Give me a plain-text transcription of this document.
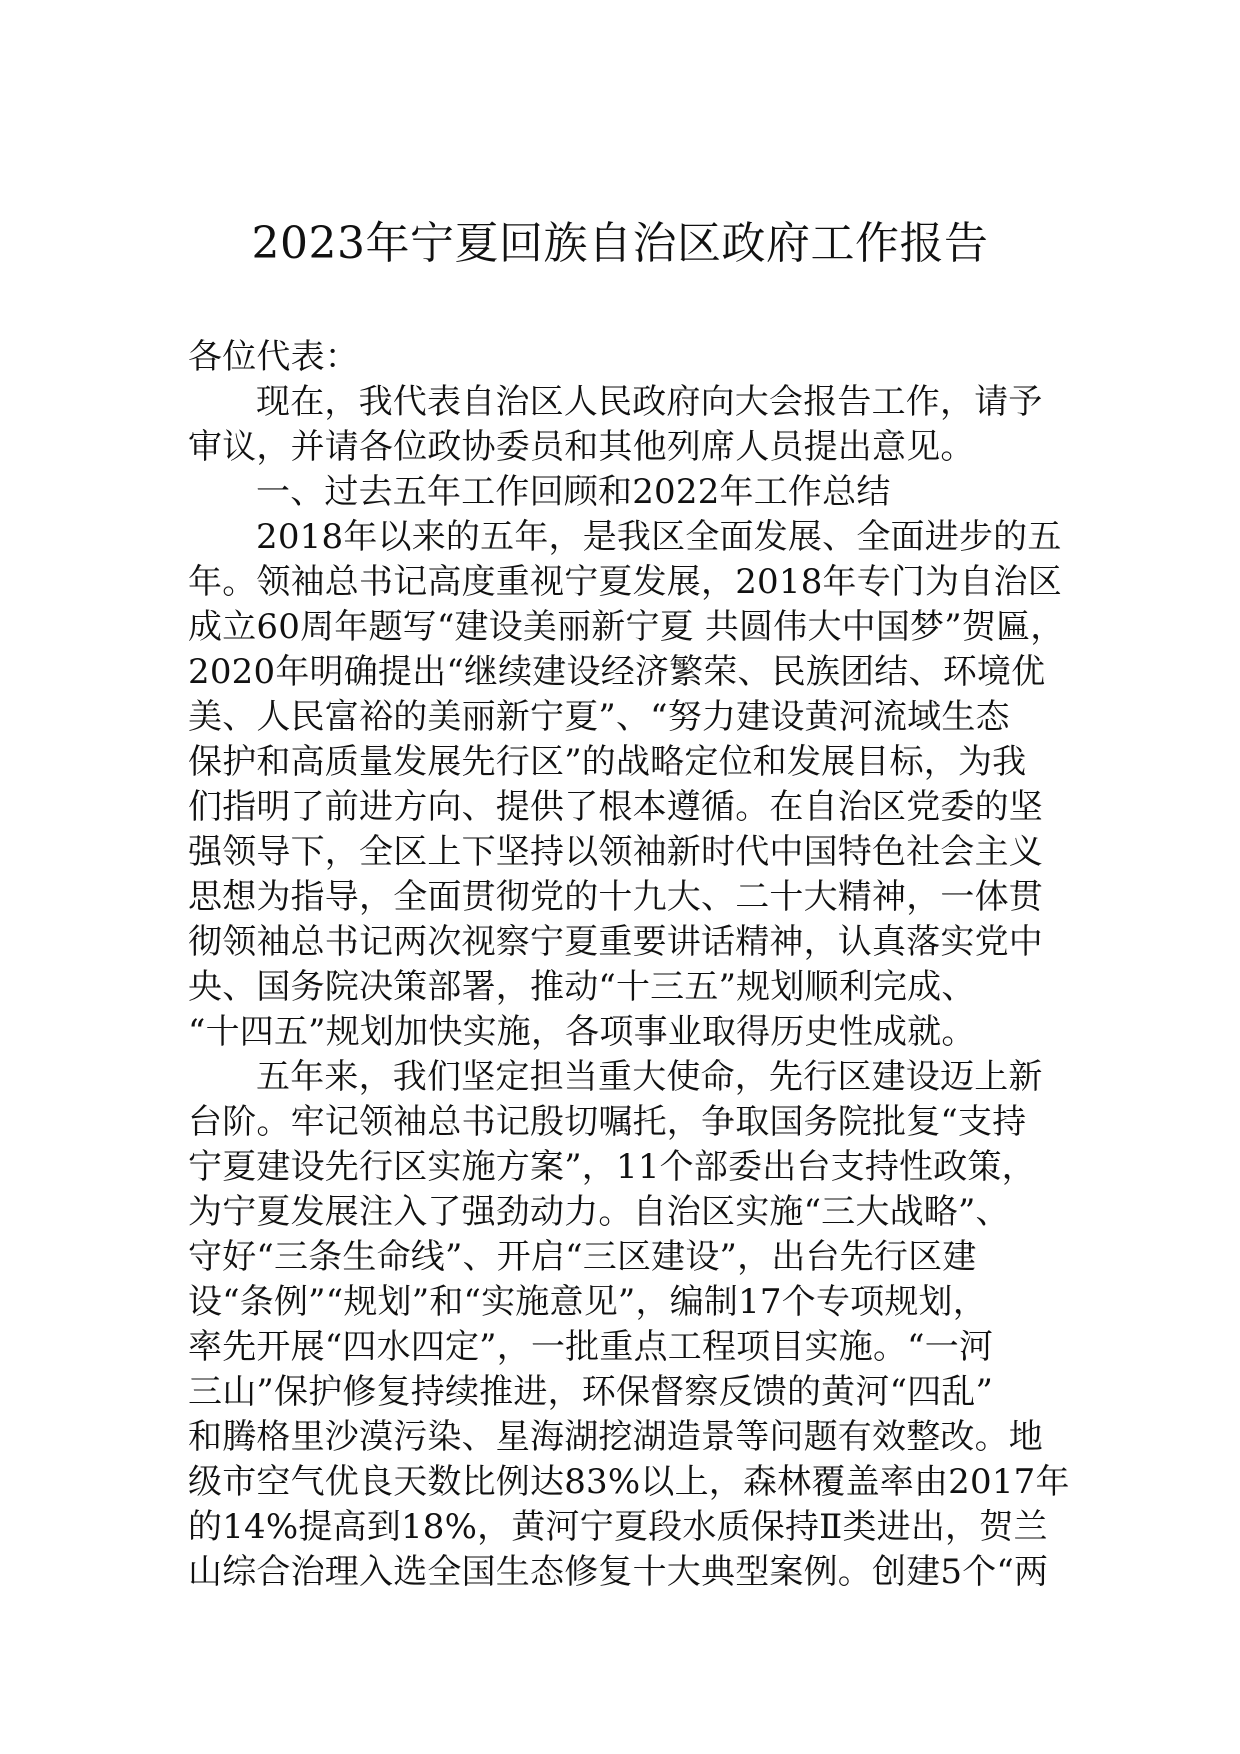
2023年宁夏回族自治区政府工作报告
各位代表：
现在，我代表自治区人民政府向大会报告工作，请予
审议，并请各位政协委员和其他列席人员提出意见。
一、过去五年工作回顾和2022年工作总结
2018年以来的五年，是我区全面发展、全面进步的五
年。领袖总书记高度重视宁夏发展，2018年专门为自治区
成立60周年题写“建设美丽新宁夏 共圆伟大中国梦”贺匾，
2020年明确提出“继续建设经济繁荣、民族团结、环境优
美、人民富裕的美丽新宁夏”、“努力建设黄河流域生态
保护和高质量发展先行区”的战略定位和发展目标，为我
们指明了前进方向、提供了根本遵循。在自治区党委的坚
强领导下，全区上下坚持以领袖新时代中国特色社会主义
思想为指导，全面贯彻党的十九大、二十大精神，一体贯
彻领袖总书记两次视察宁夏重要讲话精神，认真落实党中
央、国务院决策部署，推动“十三五”规划顺利完成、
“十四五”规划加快实施，各项事业取得历史性成就。
五年来，我们坚定担当重大使命，先行区建设迈上新
台阶。牢记领袖总书记殷切嘱托，争取国务院批复“支持
宁夏建设先行区实施方案”，11个部委出台支持性政策，
为宁夏发展注入了强劲动力。自治区实施“三大战略”、
守好“三条生命线”、开启“三区建设”，出台先行区建
设“条例”“规划”和“实施意见”，编制17个专项规划，
率先开展“四水四定”，一批重点工程项目实施。“一河
三山”保护修复持续推进，环保督察反馈的黄河“四乱”
和腾格里沙漠污染、星海湖挖湖造景等问题有效整改。地
级市空气优良天数比例达83%以上，森林覆盖率由2017年
的14%提高到18%，黄河宁夏段水质保持Ⅱ类进出，贺兰
山综合治理入选全国生态修复十大典型案例。创建5个“两
